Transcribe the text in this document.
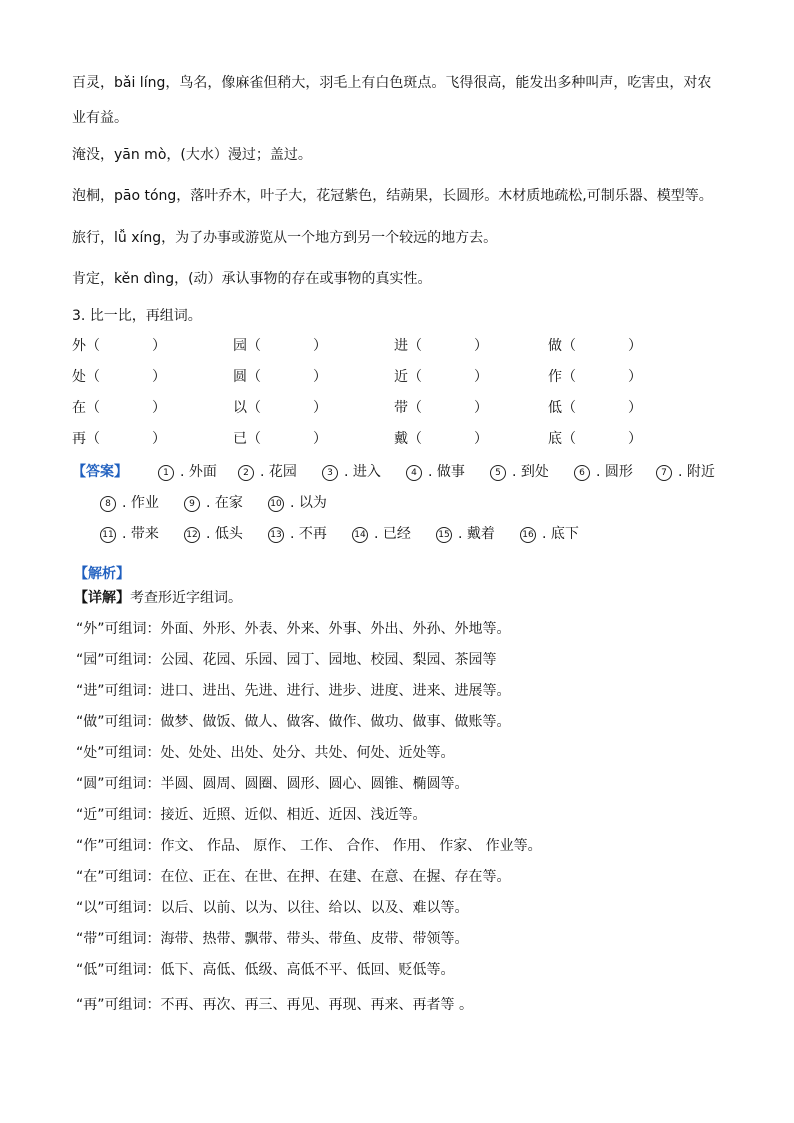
百灵，bǎi líng，鸟名，像麻雀但稍大，羽毛上有白色斑点。飞得很高，能发出多种叫声，吃害虫，对农
业有益。
淹没，yān mò，(大水）漫过；盖过。
泡桐，pāo tóng，落叶乔木，叶子大，花冠紫色，结蒴果，长圆形。木材质地疏松,可制乐器、模型等。
旅行，lǚ xíng，为了办事或游览从一个地方到另一个较远的地方去。
肯定，kěn dìng，(动）承认事物的存在或事物的真实性。
3. 比一比，再组词。
外（	）	园（	）	进（	）	做（	）
处（	）	圆（	）	近（	）	作（	）
在（	）	以（	）	带（	）	低（	）
再（	）	已（	）	戴（	）	底（	）
【答案】	1 . 外面	2 . 花园	3 . 进入	4 . 做事	5 . 到处	6 . 圆形	7 . 附近
8 . 作业	9 . 在家	10 . 以为
11 . 带来	12 . 低头	13 . 不再	14 . 已经	15 . 戴着	16 . 底下
【解析】
【详解】考查形近字组词。
“外”可组词：外面、外形、外表、外来、外事、外出、外孙、外地等。
“园”可组词：公园、花园、乐园、园丁、园地、校园、梨园、茶园等
“进”可组词：进口、进出、先进、进行、进步、进度、进来、进展等。
“做”可组词：做梦、做饭、做人、做客、做作、做功、做事、做账等。
“处”可组词：处、处处、出处、处分、共处、何处、近处等。
“圆”可组词：半圆、圆周、圆圈、圆形、圆心、圆锥、椭圆等。
“近”可组词：接近、近照、近似、相近、近因、浅近等。
“作”可组词：作文、 作品、 原作、 工作、 合作、 作用、 作家、 作业等。
“在”可组词：在位、正在、在世、在押、在建、在意、在握、存在等。
“以”可组词：以后、以前、以为、以往、给以、以及、难以等。
“带”可组词：海带、热带、飘带、带头、带鱼、皮带、带领等。
“低”可组词：低下、高低、低级、高低不平、低回、贬低等。
“再”可组词：不再、再次、再三、再见、再现、再来、再者等 。
